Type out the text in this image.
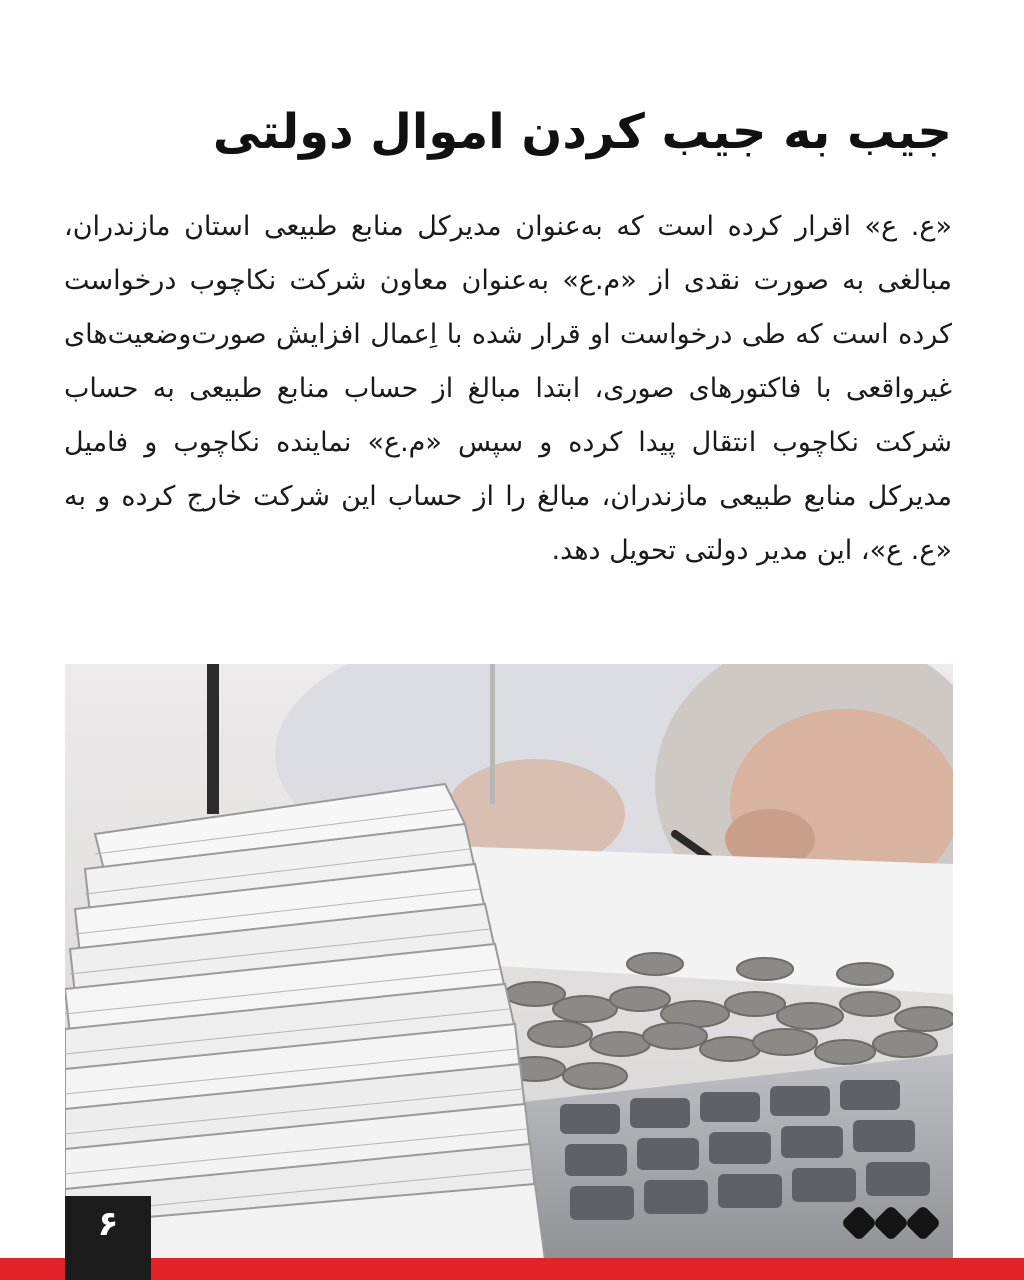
جیب به جیب کردن اموال دولتی

«ع. ع» اقرار کرده است که به‌عنوان مدیرکل منابع طبیعی استان مازندران، مبالغی به صورت نقدی از «م.ع» به‌عنوان معاون شرکت نکاچوب درخواست کرده است که طی درخواست او قرار شده با اِعمال افزایش صورت‌وضعیت‌های غیرواقعی با فاکتورهای صوری، ابتدا مبالغ از حساب منابع طبیعی به حساب شرکت نکاچوب انتقال پیدا کرده و سپس «م.ع» نماینده نکاچوب و فامیل مدیرکل منابع طبیعی مازندران، مبالغ را از حساب این شرکت خارج کرده و به «ع. ع»، این مدیر دولتی تحویل دهد.

۶
